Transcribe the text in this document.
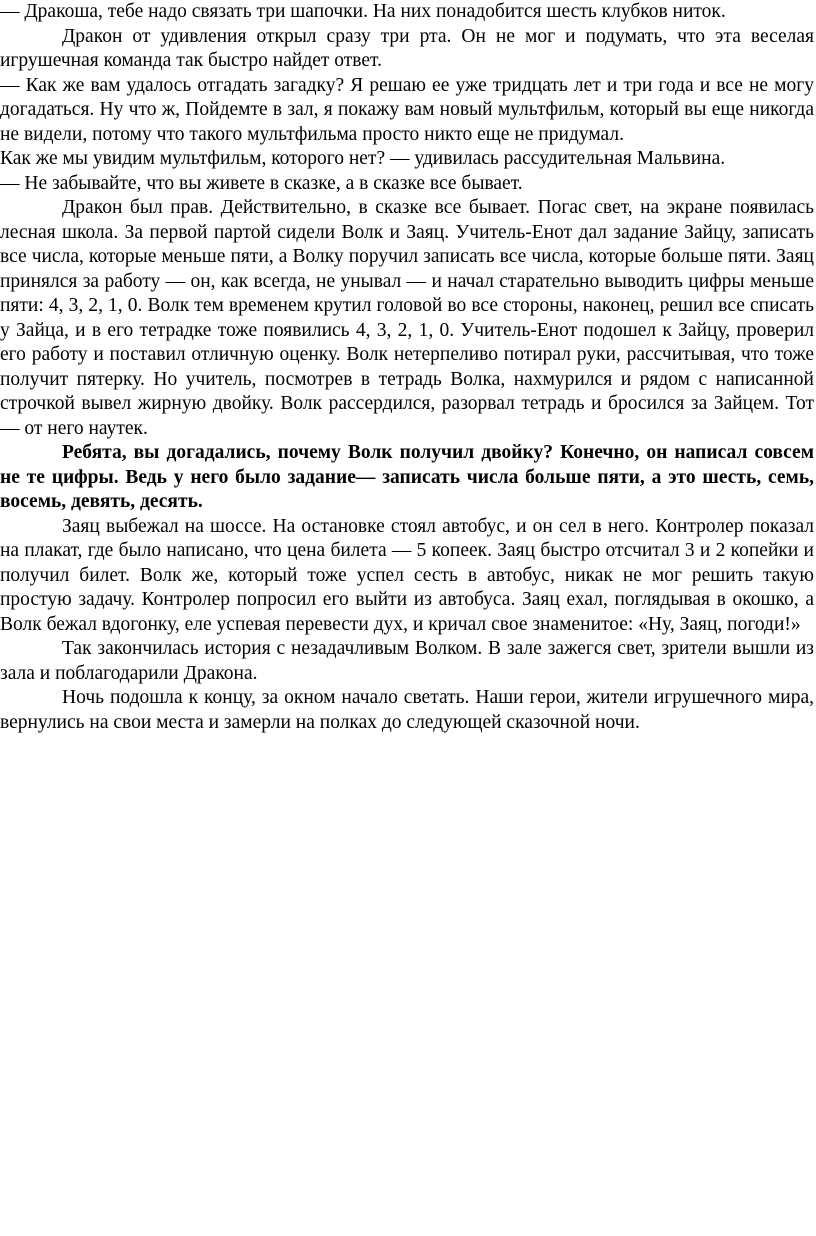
— Дракоша, тебе надо связать три шапочки. На них понадобится шесть клубков ниток.

Дракон от удивления открыл сразу три рта. Он не мог и подумать, что эта веселая игрушечная команда так быстро найдет ответ.

— Как же вам удалось отгадать загадку? Я решаю ее уже тридцать лет и три года и все не могу догадаться. Ну что ж, Пойдемте в зал, я покажу вам новый мультфильм, который вы еще никогда не видели, потому что такого мультфильма просто никто еще не придумал.

Как же мы увидим мультфильм, которого нет? — удивилась рассудительная Мальвина.

— Не забывайте, что вы живете в сказке, а в сказке все бывает.

Дракон был прав. Действительно, в сказке все бывает. Погас свет, на экране появилась лесная школа. За первой партой сидели Волк и Заяц. Учитель-Енот дал задание Зайцу, записать все числа, которые меньше пяти, а Волку поручил записать все числа, которые больше пяти. Заяц принялся за работу — он, как всегда, не унывал — и начал старательно выводить цифры меньше пяти: 4, 3, 2, 1, 0. Волк тем временем крутил головой во все стороны, наконец, решил все списать у Зайца, и в его тетрадке тоже появились 4, 3, 2, 1, 0. Учитель-Енот подошел к Зайцу, проверил его работу и поставил отличную оценку. Волк нетерпеливо потирал руки, рассчитывая, что тоже получит пятерку. Но учитель, посмотрев в тетрадь Волка, нахмурился и рядом с написанной строчкой вывел жирную двойку. Волк рассердился, разорвал тетрадь и бросился за Зайцем. Тот — от него наутек.

Ребята, вы догадались, почему Волк получил двойку? Конечно, он написал совсем не те цифры. Ведь у него было задание— записать числа больше пяти, а это шесть, семь, восемь, девять, десять.

Заяц выбежал на шоссе. На остановке стоял автобус, и он сел в него. Контролер показал на плакат, где было написано, что цена билета — 5 копеек. Заяц быстро отсчитал 3 и 2 копейки и получил билет. Волк же, который тоже успел сесть в автобус, никак не мог решить такую простую задачу. Контролер попросил его выйти из автобуса. Заяц ехал, поглядывая в окошко, а Волк бежал вдогонку, еле успевая перевести дух, и кричал свое знаменитое: «Ну, Заяц, погоди!»

Так закончилась история с незадачливым Волком. В зале зажегся свет, зрители вышли из зала и поблагодарили Дракона.

Ночь подошла к концу, за окном начало светать. Наши герои, жители игрушечного мира, вернулись на свои места и замерли на полках до следующей сказочной ночи.
